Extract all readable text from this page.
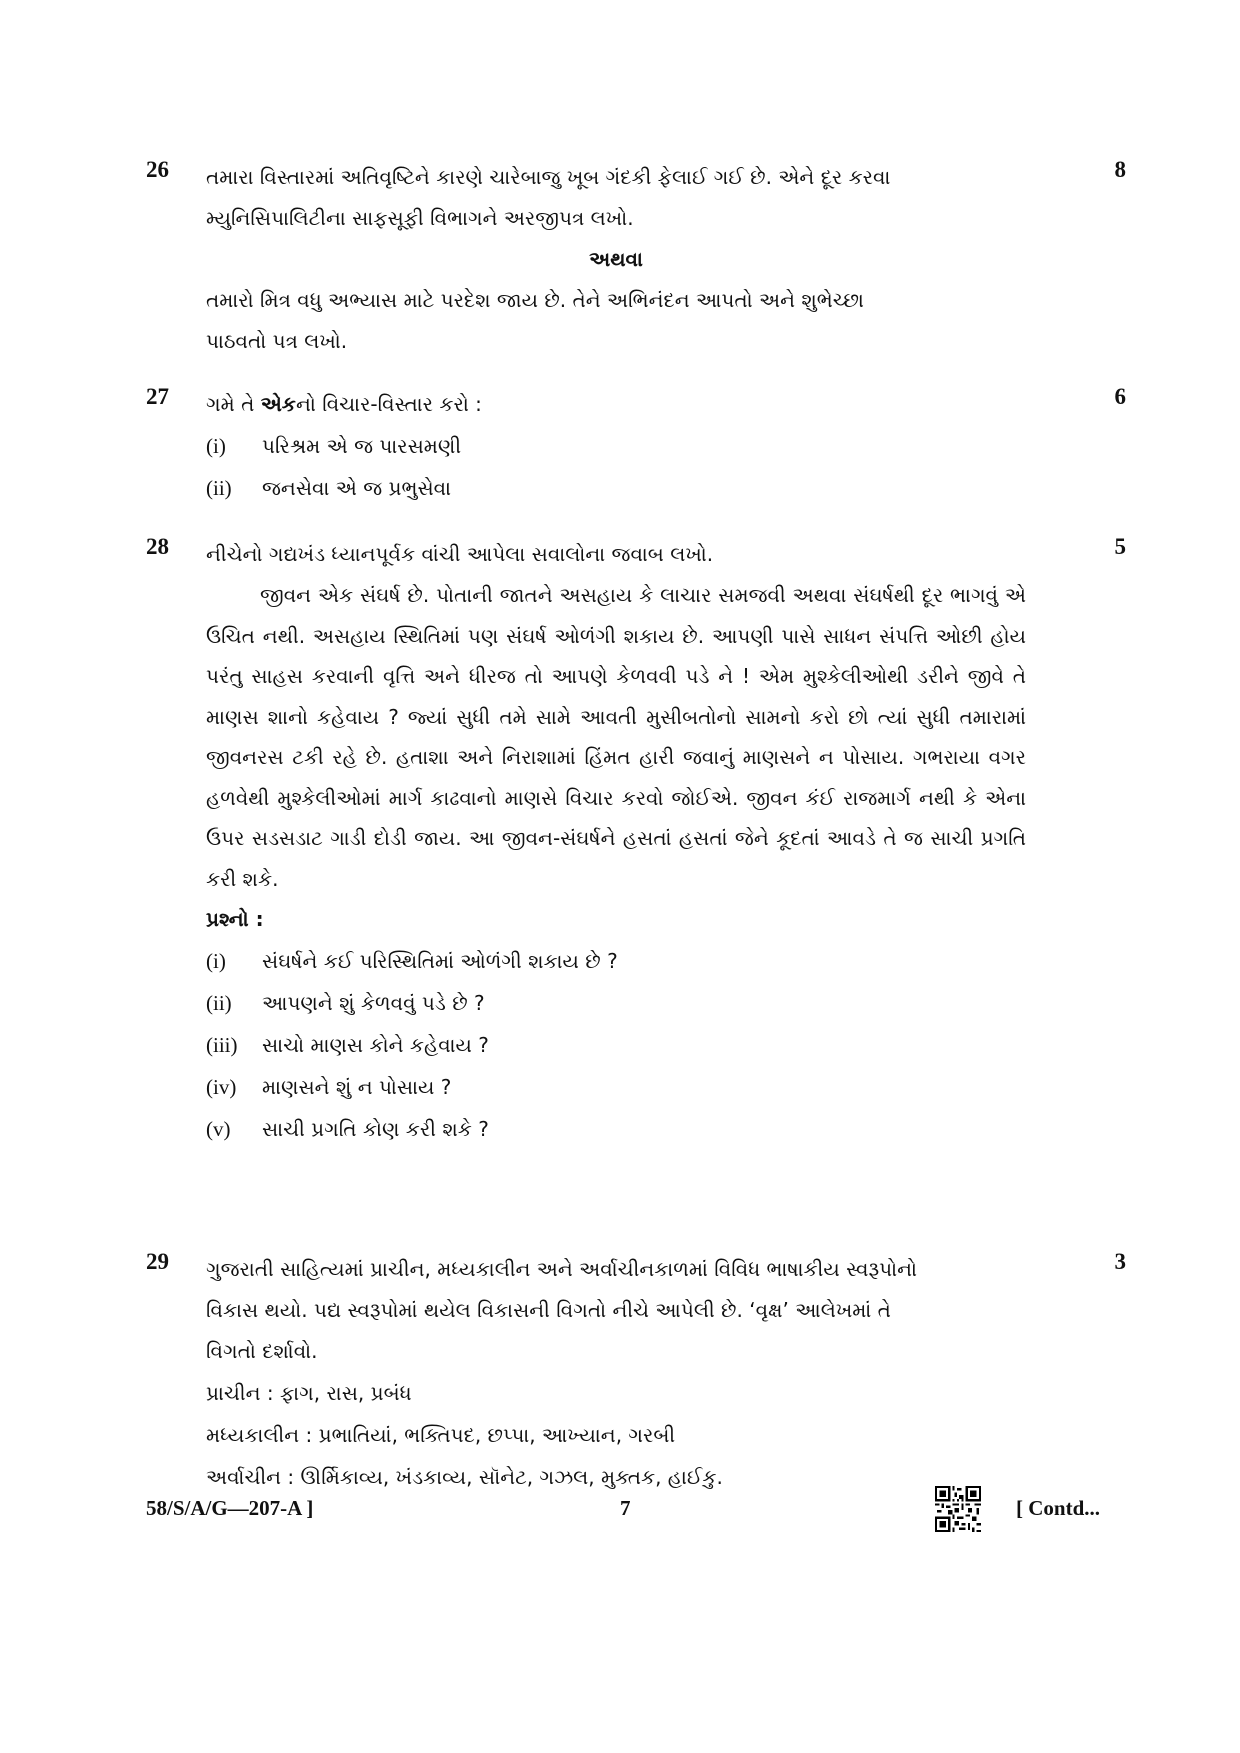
26	8
તમારા વિસ્તારમાં અતિવૃષ્ટિને કારણે ચારેબાજુ ખૂબ ગંદકી ફેલાઈ ગઈ છે. એને દૂર કરવા
મ્યુનિસિપાલિટીના સાફસૂફી વિભાગને અરજીપત્ર લખો.
અથવા
તમારો મિત્ર વધુ અભ્યાસ માટે પરદેશ જાય છે. તેને અભિનંદન આપતો અને શુભેચ્છા
પાઠવતો પત્ર લખો.
27	6
ગમે તે એકનો વિચાર-વિસ્તાર કરો :
(i) પરિશ્રમ એ જ પારસમણી
(ii) જનસેવા એ જ પ્રભુસેવા
28	5
નીચેનો ગદ્યખંડ ધ્યાનપૂર્વક વાંચી આપેલા સવાલોના જવાબ લખો.
જીવન એક સંઘર્ષ છે. પોતાની જાતને અસહાય કે લાચાર સમજવી અથવા સંઘર્ષથી દૂર ભાગવું એ ઉચિત નથી. અસહાય સ્થિતિમાં પણ સંઘર્ષ ઓળંગી શકાય છે. આપણી પાસે સાધન સંપત્તિ ઓછી હોય પરંતુ સાહસ કરવાની વૃત્તિ અને ધીરજ તો આપણે કેળવવી પડે ને ! એમ મુશ્કેલીઓથી ડરીને જીવે તે માણસ શાનો કહેવાય ? જ્યાં સુધી તમે સામે આવતી મુસીબતોનો સામનો કરો છો ત્યાં સુધી તમારામાં જીવનરસ ટકી રહે છે. હતાશા અને નિરાશામાં હિંમત હારી જવાનું માણસને ન પોસાય. ગભરાયા વગર હળવેથી મુશ્કેલીઓમાં માર્ગ કાઢવાનો માણસે વિચાર કરવો જોઈએ. જીવન કંઈ રાજમાર્ગ નથી કે એના ઉપર સડસડાટ ગાડી દોડી જાય. આ જીવન-સંઘર્ષને હસતાં હસતાં જેને કૂદતાં આવડે તે જ સાચી પ્રગતિ કરી શકે.
પ્રશ્નો :
(i) સંઘર્ષને કઈ પરિસ્થિતિમાં ઓળંગી શકાય છે ?
(ii) આપણને શું કેળવવું પડે છે ?
(iii) સાચો માણસ કોને કહેવાય ?
(iv) માણસને શું ન પોસાય ?
(v) સાચી પ્રગતિ કોણ કરી શકે ?
29	3
ગુજરાતી સાહિત્યમાં પ્રાચીન, મધ્યકાલીન અને અર્વાચીનકાળમાં વિવિધ ભાષાકીય સ્વરૂપોનો
વિકાસ થયો. પદ્ય સ્વરૂપોમાં થયેલ વિકાસની વિગતો નીચે આપેલી છે. ‘વૃક્ષ’ આલેખમાં તે
વિગતો દર્શાવો.
પ્રાચીન : ફાગ, રાસ, પ્રબંધ
મધ્યકાલીન : પ્રભાતિયાં, ભક્તિપદ, છપ્પા, આખ્યાન, ગરબી
અર્વાચીન : ઊર્મિકાવ્ય, ખંડકાવ્ય, સૉનેટ, ગઝલ, મુક્તક, હાઈકુ.
58/S/A/G—207-A ]	7	[ Contd...
